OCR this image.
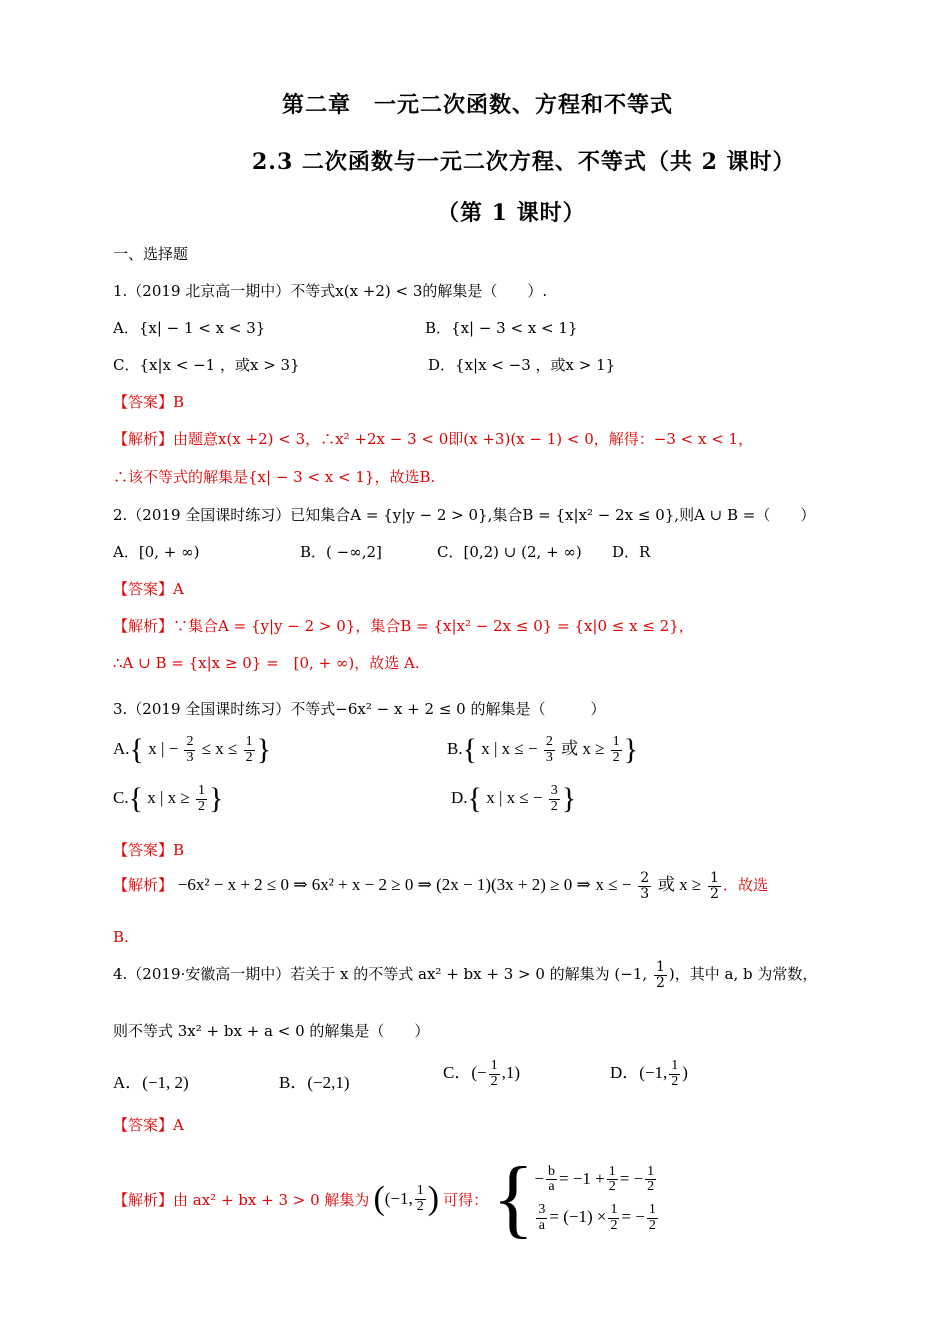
第二章　一元二次函数、方程和不等式
2.3 二次函数与一元二次方程、不等式（共 2 课时）
（第 1 课时）
一、选择题
1.（2019 北京高一期中）不等式x(x +2) < 3的解集是（　　）.
A．{x| − 1 < x < 3}	B．{x| − 3 < x < 1}
C．{x|x < −1 ，或x > 3}	D．{x|x < −3 ，或x > 1}
【答案】B
【解析】由题意x(x +2) < 3，∴x² +2x − 3 < 0即(x +3)(x − 1) < 0，解得：−3 < x < 1，
∴该不等式的解集是{x| − 3 < x < 1}，故选B.
2.（2019 全国课时练习）已知集合A = {y|y − 2 > 0},集合B = {x|x² − 2x ≤ 0},则A ∪ B =（　　）
A．[0, + ∞)	B．( −∞,2]	C．[0,2) ∪ (2, + ∞) D．R
【答案】A
【解析】∵集合A = {y|y − 2 > 0}，集合B = {x|x² − 2x ≤ 0} = {x|0 ≤ x ≤ 2}，
∴A ∪ B = {x|x ≥ 0} =　[0, + ∞)，故选 A.
3.（2019 全国课时练习）不等式−6x² − x + 2 ≤ 0 的解集是（　　　）
A.{ x | − $\frac{2}{3} \le x \le \frac{1}{2}$ }	B.{ x | x ≤ − $\frac{2}{3}$ 或 $x \ge \frac{1}{2}$ }
C.{ x | $x \ge \frac{1}{2}$ }	D.{ x | x ≤ − $\frac{3}{2}$ }
【答案】B
【解析】 −6x² − x + 2 ≤ 0 ⇒ 6x² + x − 2 ≥ 0 ⇒ (2x − 1)(3x + 2) ≥ 0 ⇒ x ≤ − $\frac{2}{3}$ 或 $x \ge \frac{1}{2}$ ．故选
B.
4.（2019·安徽高一期中）若关于 x 的不等式 ax² + bx + 3 > 0 的解集为 (−1, $\frac{1}{2}$ )，其中 a, b 为常数，
则不等式 3x² + bx + a < 0 的解集是（　　）
A．(−1, 2)	B．(−2,1)
C．(− $\frac{1}{2} ,1$)	D．(−1, $\frac{1}{2}$ )
【答案】A
【解析】 由 ax² + bx + 3 > 0 解集为 ( (−1, $\frac{1}{2}$ ) 可得： { − $\frac{b}{a} = -1 + \frac{1}{2}$ = − $\frac{1}{2}$
$\frac{3}{a} = (-1) \times \frac{1}{2}$ = − $\frac{1}{2}$
